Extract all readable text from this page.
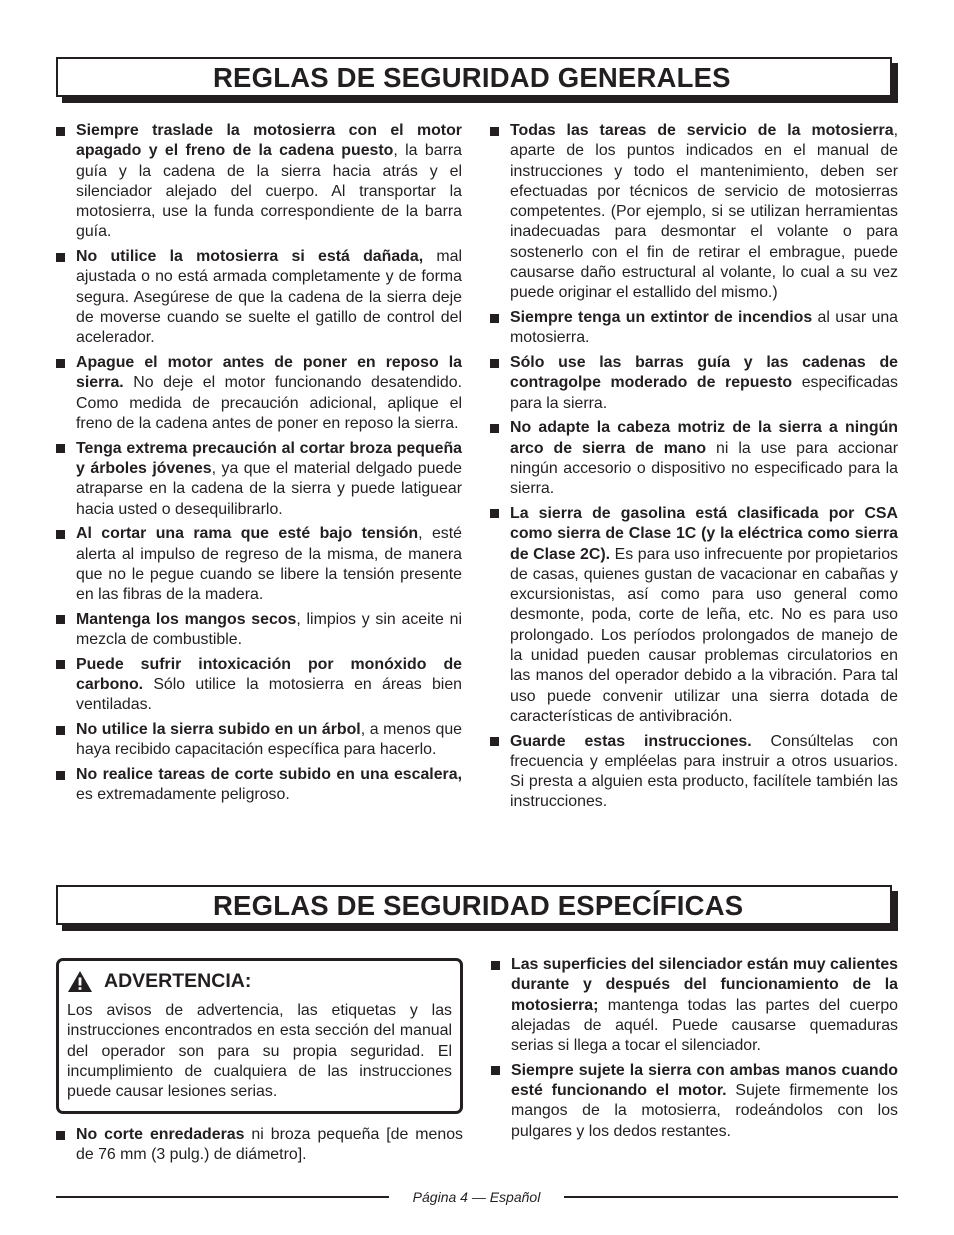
REGLAS DE SEGURIDAD GENERALES

Siempre traslade la motosierra con el motor apagado y el freno de la cadena puesto, la barra guía y la cadena de la sierra hacia atrás y el silenciador alejado del cuerpo. Al transportar la motosierra, use la funda correspondiente de la barra guía.

No utilice la motosierra si está dañada, mal ajustada o no está armada completamente y de forma segura. Asegúrese de que la cadena de la sierra deje de moverse cuando se suelte el gatillo de control del acelerador.

Apague el motor antes de poner en reposo la sierra. No deje el motor funcionando desatendido. Como medida de precaución adicional, aplique el freno de la cadena antes de poner en reposo la sierra.

Tenga extrema precaución al cortar broza pequeña y árboles jóvenes, ya que el material delgado puede atraparse en la cadena de la sierra y puede latiguear hacia usted o desequilibrarlo.

Al cortar una rama que esté bajo tensión, esté alerta al impulso de regreso de la misma, de manera que no le pegue cuando se libere la tensión presente en las fibras de la madera.

Mantenga los mangos secos, limpios y sin aceite ni mezcla de combustible.

Puede sufrir intoxicación por monóxido de carbono. Sólo utilice la motosierra en áreas bien ventiladas.

No utilice la sierra subido en un árbol, a menos que haya recibido capacitación específica para hacerlo.

No realice tareas de corte subido en una escalera, es extremadamente peligroso.

Todas las tareas de servicio de la motosierra, aparte de los puntos indicados en el manual de instrucciones y todo el mantenimiento, deben ser efectuadas por técnicos de servicio de motosierras competentes. (Por ejemplo, si se utilizan herramientas inadecuadas para desmontar el volante o para sostenerlo con el fin de retirar el embrague, puede causarse daño estructural al volante, lo cual a su vez puede originar el estallido del mismo.)

Siempre tenga un extintor de incendios al usar una motosierra.

Sólo use las barras guía y las cadenas de contragolpe moderado de repuesto especificadas para la sierra.

No adapte la cabeza motriz de la sierra a ningún arco de sierra de mano ni la use para accionar ningún accesorio o dispositivo no especificado para la sierra.

La sierra de gasolina está clasificada por CSA como sierra de Clase 1C (y la eléctrica como sierra de Clase 2C). Es para uso infrecuente por propietarios de casas, quienes gustan de vacacionar en cabañas y excursionistas, así como para uso general como desmonte, poda, corte de leña, etc. No es para uso prolongado. Los períodos prolongados de manejo de la unidad pueden causar problemas circulatorios en las manos del operador debido a la vibración. Para tal uso puede convenir utilizar una sierra dotada de características de antivibración.

Guarde estas instrucciones. Consúltelas con frecuencia y empléelas para instruir a otros usuarios. Si presta a alguien esta producto, facilítele también las instrucciones.

REGLAS DE SEGURIDAD ESPECÍFICAS
ADVERTENCIA:
Los avisos de advertencia, las etiquetas y las instrucciones encontrados en esta sección del manual del operador son para su propia seguridad. El incumplimiento de cualquiera de las instrucciones puede causar lesiones serias.

No corte enredaderas ni broza pequeña [de menos de 76 mm (3 pulg.) de diámetro].

Las superficies del silenciador están muy calientes durante y después del funcionamiento de la motosierra; mantenga todas las partes del cuerpo alejadas de aquél. Puede causarse quemaduras serias si llega a tocar el silenciador.

Siempre sujete la sierra con ambas manos cuando esté funcionando el motor. Sujete firmemente los mangos de la motosierra, rodeándolos con los pulgares y los dedos restantes.

Página 4 — Español
